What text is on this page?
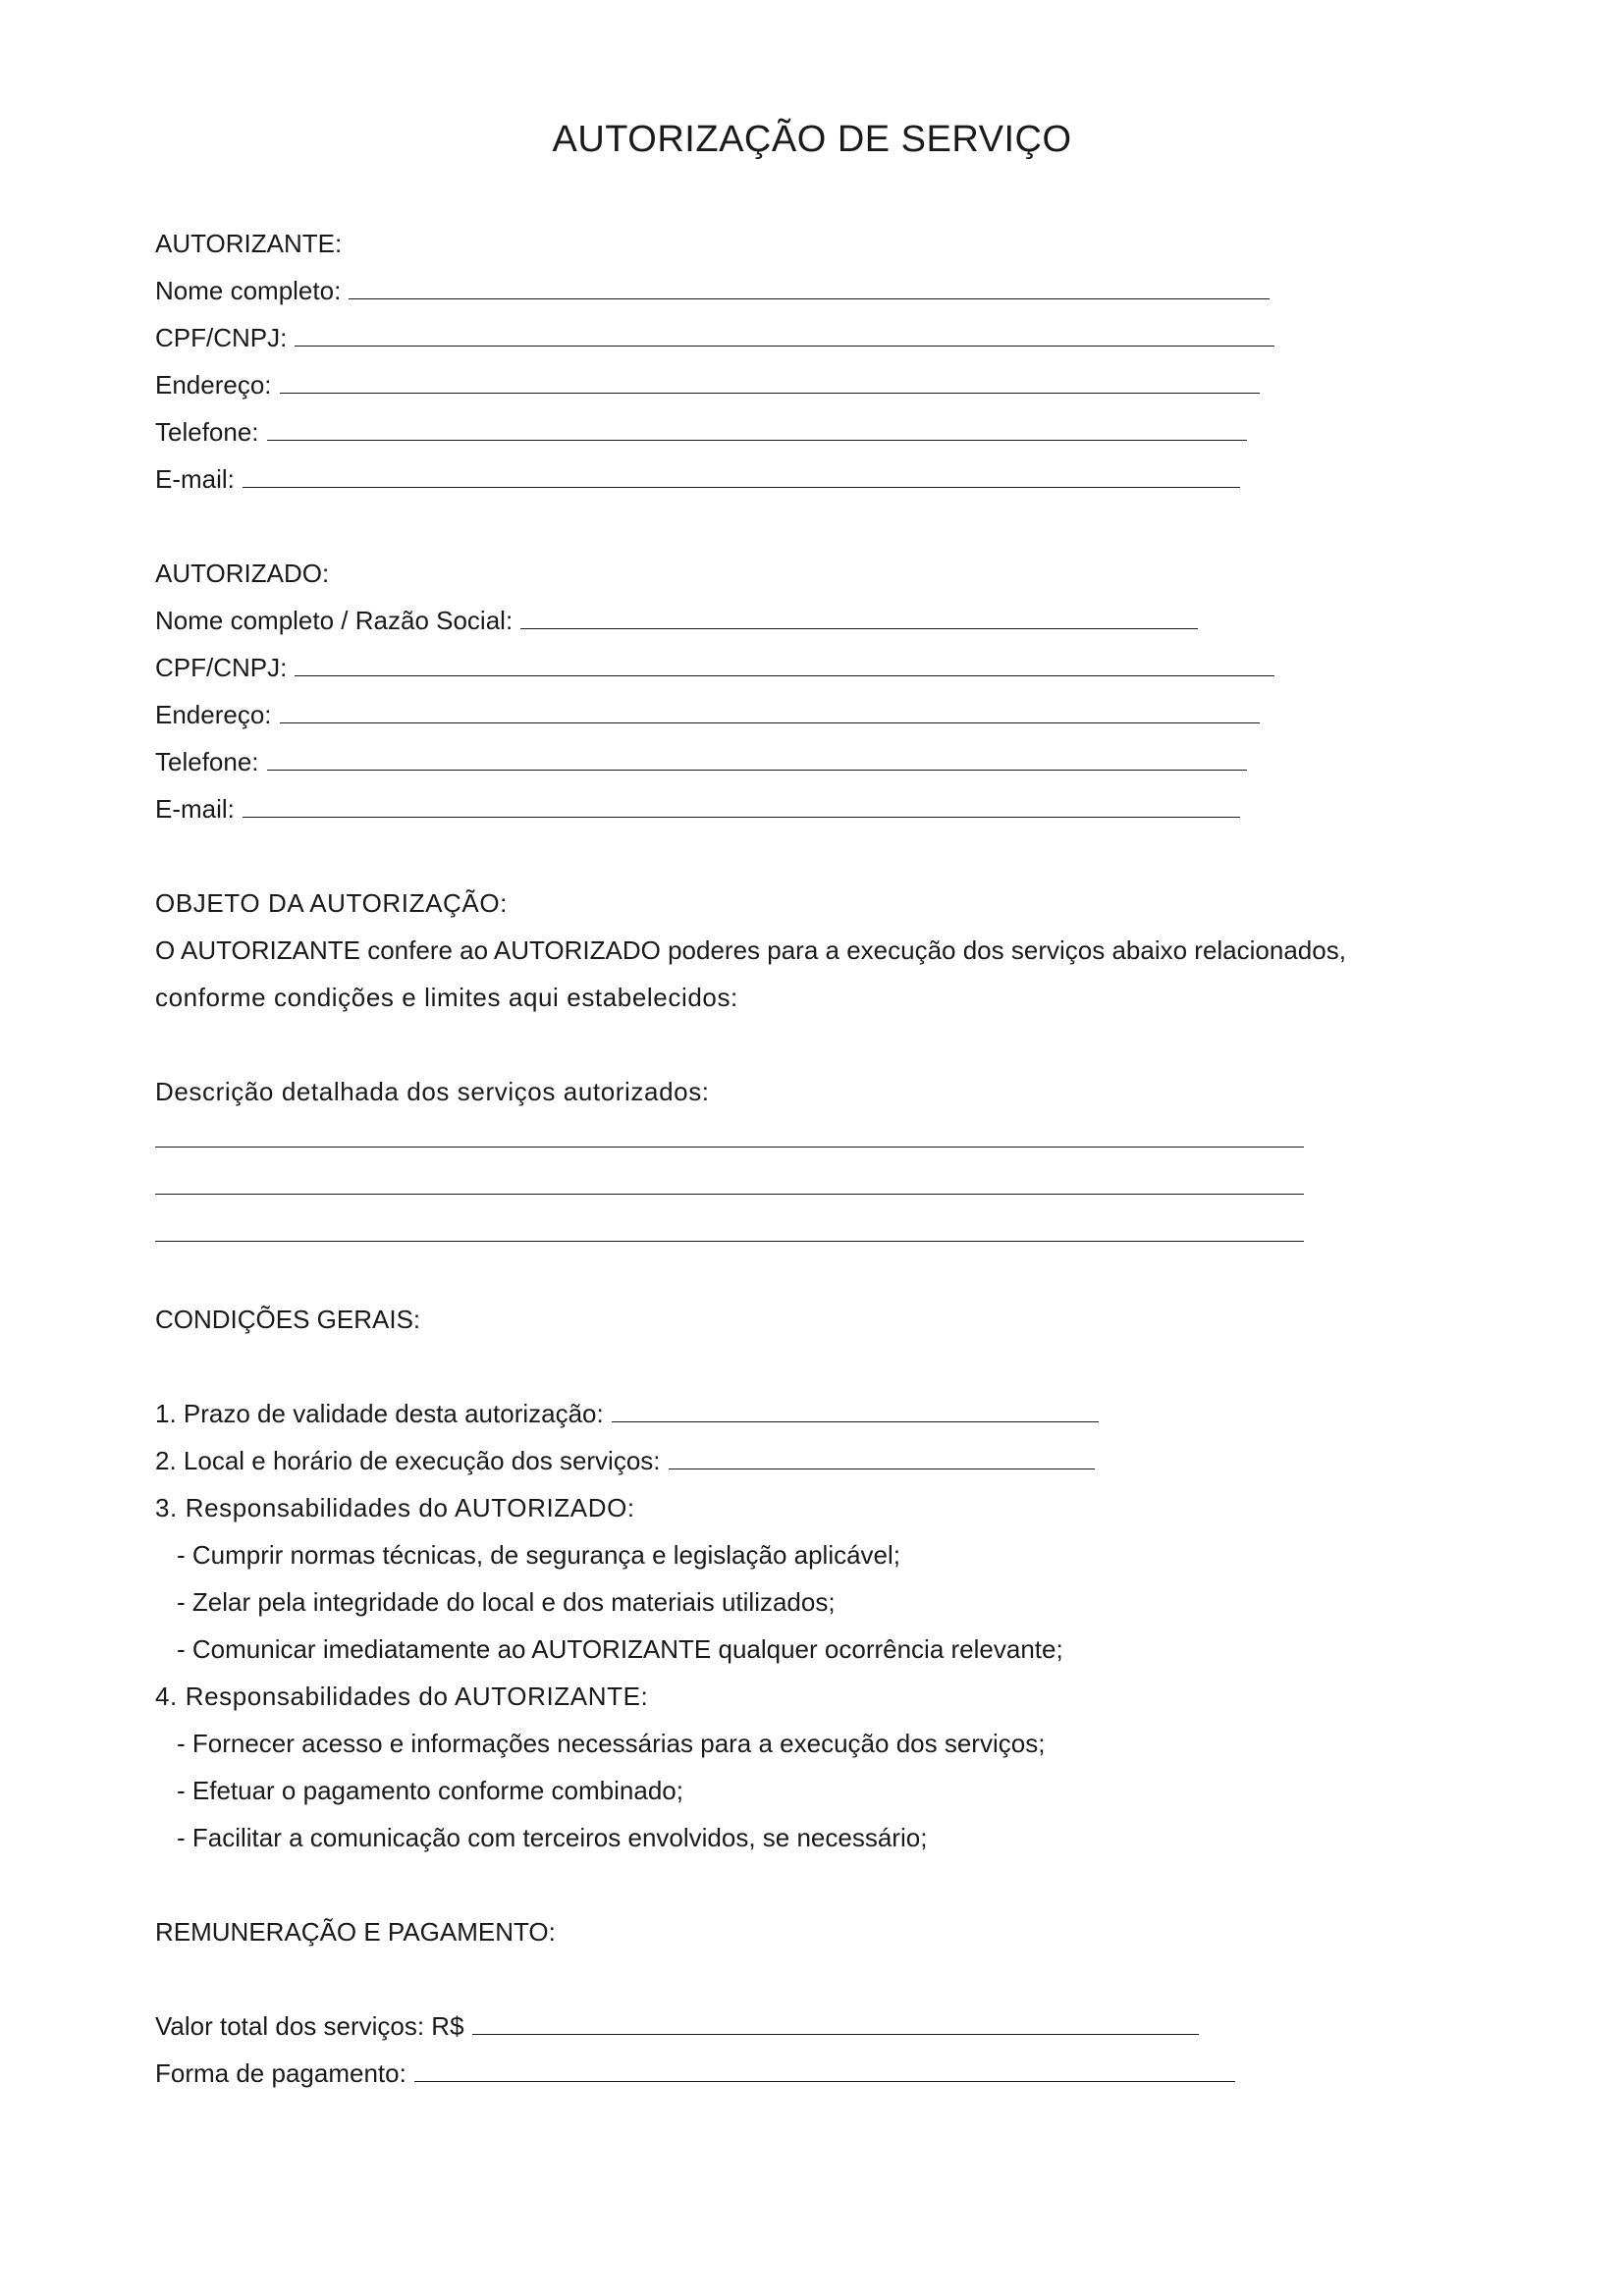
AUTORIZAÇÃO DE SERVIÇO
AUTORIZANTE:
Nome completo:
CPF/CNPJ:
Endereço:
Telefone:
E-mail:
AUTORIZADO:
Nome completo / Razão Social:
CPF/CNPJ:
Endereço:
Telefone:
E-mail:
OBJETO DA AUTORIZAÇÃO:
O AUTORIZANTE confere ao AUTORIZADO poderes para a execução dos serviços abaixo relacionados,
conforme condições e limites aqui estabelecidos:
Descrição detalhada dos serviços autorizados:
CONDIÇÕES GERAIS:
1. Prazo de validade desta autorização:
2. Local e horário de execução dos serviços:
3. Responsabilidades do AUTORIZADO:
- Cumprir normas técnicas, de segurança e legislação aplicável;
- Zelar pela integridade do local e dos materiais utilizados;
- Comunicar imediatamente ao AUTORIZANTE qualquer ocorrência relevante;
4. Responsabilidades do AUTORIZANTE:
- Fornecer acesso e informações necessárias para a execução dos serviços;
- Efetuar o pagamento conforme combinado;
- Facilitar a comunicação com terceiros envolvidos, se necessário;
REMUNERAÇÃO E PAGAMENTO:
Valor total dos serviços: R$
Forma de pagamento:
